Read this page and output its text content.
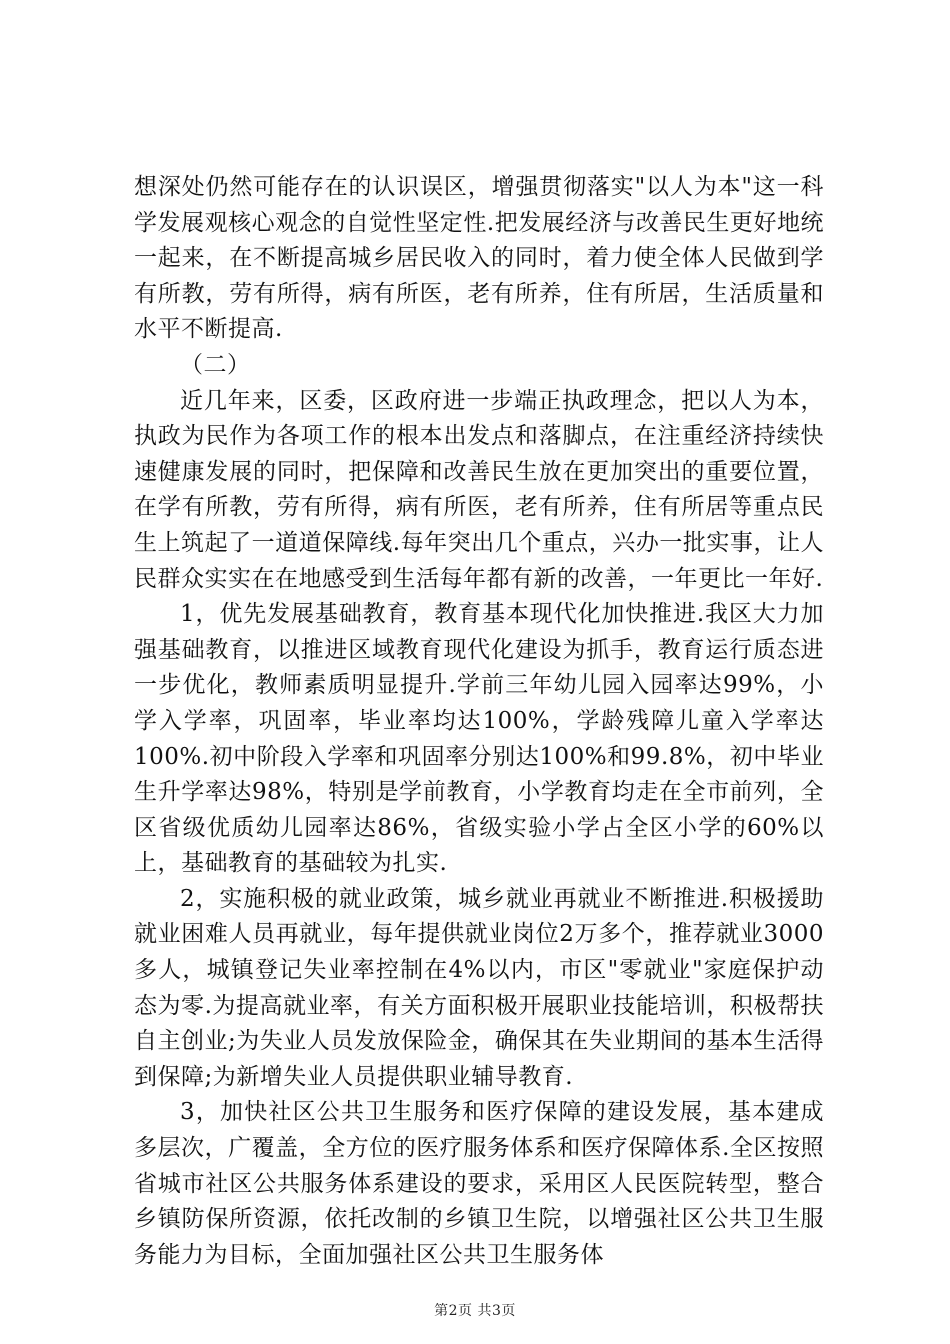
想深处仍然可能存在的认识误区，增强贯彻落实"以人为本"这一科学发展观核心观念的自觉性坚定性.把发展经济与改善民生更好地统一起来，在不断提高城乡居民收入的同时，着力使全体人民做到学有所教，劳有所得，病有所医，老有所养，住有所居，生活质量和水平不断提高.

（二）

近几年来，区委，区政府进一步端正执政理念，把以人为本，执政为民作为各项工作的根本出发点和落脚点，在注重经济持续快速健康发展的同时，把保障和改善民生放在更加突出的重要位置，在学有所教，劳有所得，病有所医，老有所养，住有所居等重点民生上筑起了一道道保障线.每年突出几个重点，兴办一批实事，让人民群众实实在在地感受到生活每年都有新的改善，一年更比一年好.

1，优先发展基础教育，教育基本现代化加快推进.我区大力加强基础教育，以推进区域教育现代化建设为抓手，教育运行质态进一步优化，教师素质明显提升.学前三年幼儿园入园率达99%，小学入学率，巩固率，毕业率均达100%，学龄残障儿童入学率达100%.初中阶段入学率和巩固率分别达100%和99.8%，初中毕业生升学率达98%，特别是学前教育，小学教育均走在全市前列，全区省级优质幼儿园率达86%，省级实验小学占全区小学的60%以上，基础教育的基础较为扎实.

2，实施积极的就业政策，城乡就业再就业不断推进.积极援助就业困难人员再就业，每年提供就业岗位2万多个，推荐就业3000多人，城镇登记失业率控制在4%以内，市区"零就业"家庭保护动态为零.为提高就业率，有关方面积极开展职业技能培训，积极帮扶自主创业;为失业人员发放保险金，确保其在失业期间的基本生活得到保障;为新增失业人员提供职业辅导教育.

3，加快社区公共卫生服务和医疗保障的建设发展，基本建成多层次，广覆盖，全方位的医疗服务体系和医疗保障体系.全区按照省城市社区公共服务体系建设的要求，采用区人民医院转型，整合乡镇防保所资源，依托改制的乡镇卫生院，以增强社区公共卫生服务能力为目标，全面加强社区公共卫生服务体

第2页 共3页
